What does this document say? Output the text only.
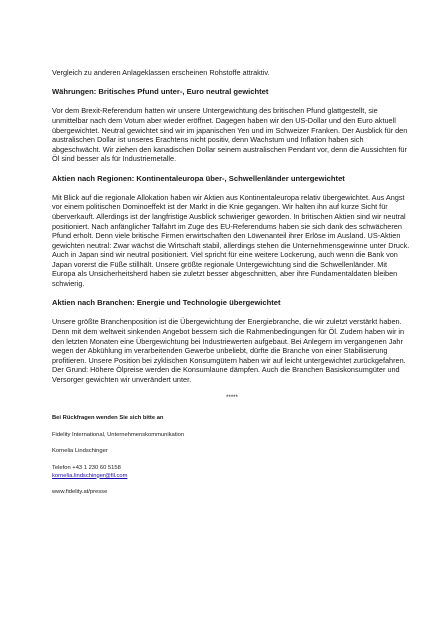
Vergleich zu anderen Anlageklassen erscheinen Rohstoffe attraktiv.

Währungen: Britisches Pfund unter-, Euro neutral gewichtet

Vor dem Brexit-Referendum hatten wir unsere Untergewichtung des britischen Pfund glattgestellt, sie unmittelbar nach dem Votum aber wieder eröffnet. Dagegen haben wir den US-Dollar und den Euro aktuell übergewichtet. Neutral gewichtet sind wir im japanischen Yen und im Schweizer Franken. Der Ausblick für den australischen Dollar ist unseres Erachtens nicht positiv, denn Wachstum und Inflation haben sich abgeschwächt. Wir ziehen den kanadischen Dollar seinem australischen Pendant vor, denn die Aussichten für Öl sind besser als für Industriemetalle.

Aktien nach Regionen: Kontinentaleuropa über-, Schwellenländer untergewichtet

Mit Blick auf die regionale Allokation haben wir Aktien aus Kontinentaleuropa relativ übergewichtet. Aus Angst vor einem politischen Dominoeffekt ist der Markt in die Knie gegangen. Wir halten ihn auf kurze Sicht für überverkauft. Allerdings ist der langfristige Ausblick schwieriger geworden. In britischen Aktien sind wir neutral positioniert. Nach anfänglicher Talfahrt im Zuge des EU-Referendums haben sie sich dank des schwächeren Pfund erholt. Denn viele britische Firmen erwirtschaften den Löwenanteil ihrer Erlöse im Ausland. US-Aktien gewichten neutral: Zwar wächst die Wirtschaft stabil, allerdings stehen die Unternehmensgewinne unter Druck. Auch in Japan sind wir neutral positioniert. Viel spricht für eine weitere Lockerung, auch wenn die Bank von Japan vorerst die Füße stillhält. Unsere größte regionale Untergewichtung sind die Schwellenländer. Mit Europa als Unsicherheitsherd haben sie zuletzt besser abgeschnitten, aber ihre Fundamentaldaten bleiben schwierig.

Aktien nach Branchen: Energie und Technologie übergewichtet

Unsere größte Branchenposition ist die Übergewichtung der Energiebranche, die wir zuletzt verstärkt haben. Denn mit dem weltweit sinkenden Angebot bessern sich die Rahmenbedingungen für Öl. Zudem haben wir in den letzten Monaten eine Übergewichtung bei Industriewerten aufgebaut. Bei Anlegern im vergangenen Jahr wegen der Abkühlung im verarbeitenden Gewerbe unbeliebt, dürfte die Branche von einer Stabilisierung profitieren. Unsere Position bei zyklischen Konsumgütern haben wir auf leicht untergewichtet zurückgefahren. Der Grund: Höhere Ölpreise werden die Konsumlaune dämpfen. Auch die Branchen Basiskonsumgüter und Versorger gewichten wir unverändert unter.

*****

Bei Rückfragen wenden Sie sich bitte an

Fidelity International, Unternehmenskommunikation

Kornelia Lindschinger

Telefon +43 1 230 60 5158

kornelia.lindschinger@fil.com

www.fidelity.at/presse
